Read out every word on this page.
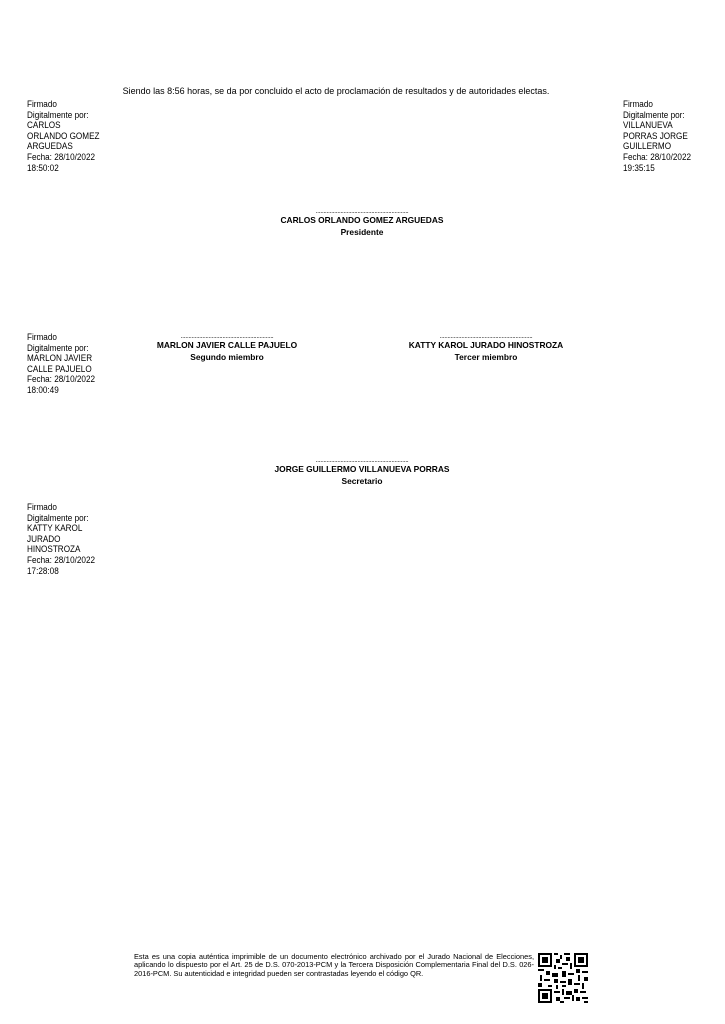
Siendo las 8:56 horas, se da por concluido el acto de proclamación de resultados y de autoridades electas.
Firmado
Digitalmente por:
CARLOS
ORLANDO GOMEZ
ARGUEDAS
Fecha: 28/10/2022
18:50:02
Firmado
Digitalmente por:
VILLANUEVA
PORRAS JORGE
GUILLERMO
Fecha: 28/10/2022
19:35:15
Firmado
Digitalmente por:
MARLON JAVIER
CALLE PAJUELO
Fecha: 28/10/2022
18:00:49
Firmado
Digitalmente por:
KATTY KAROL
JURADO
HINOSTROZA
Fecha: 28/10/2022
17:28:08
............................................................
CARLOS ORLANDO GOMEZ ARGUEDAS
Presidente
............................................................
MARLON JAVIER CALLE PAJUELO
Segundo miembro
............................................................
KATTY KAROL JURADO HINOSTROZA
Tercer miembro
............................................................
JORGE GUILLERMO VILLANUEVA PORRAS
Secretario
Esta es una copia auténtica imprimible de un documento electrónico archivado por el Jurado Nacional de Elecciones, aplicando lo dispuesto por el Art. 25 de D.S. 070-2013-PCM y la Tercera Disposición Complementaria Final del D.S. 026-2016-PCM. Su autenticidad e integridad pueden ser contrastadas leyendo el código QR.
